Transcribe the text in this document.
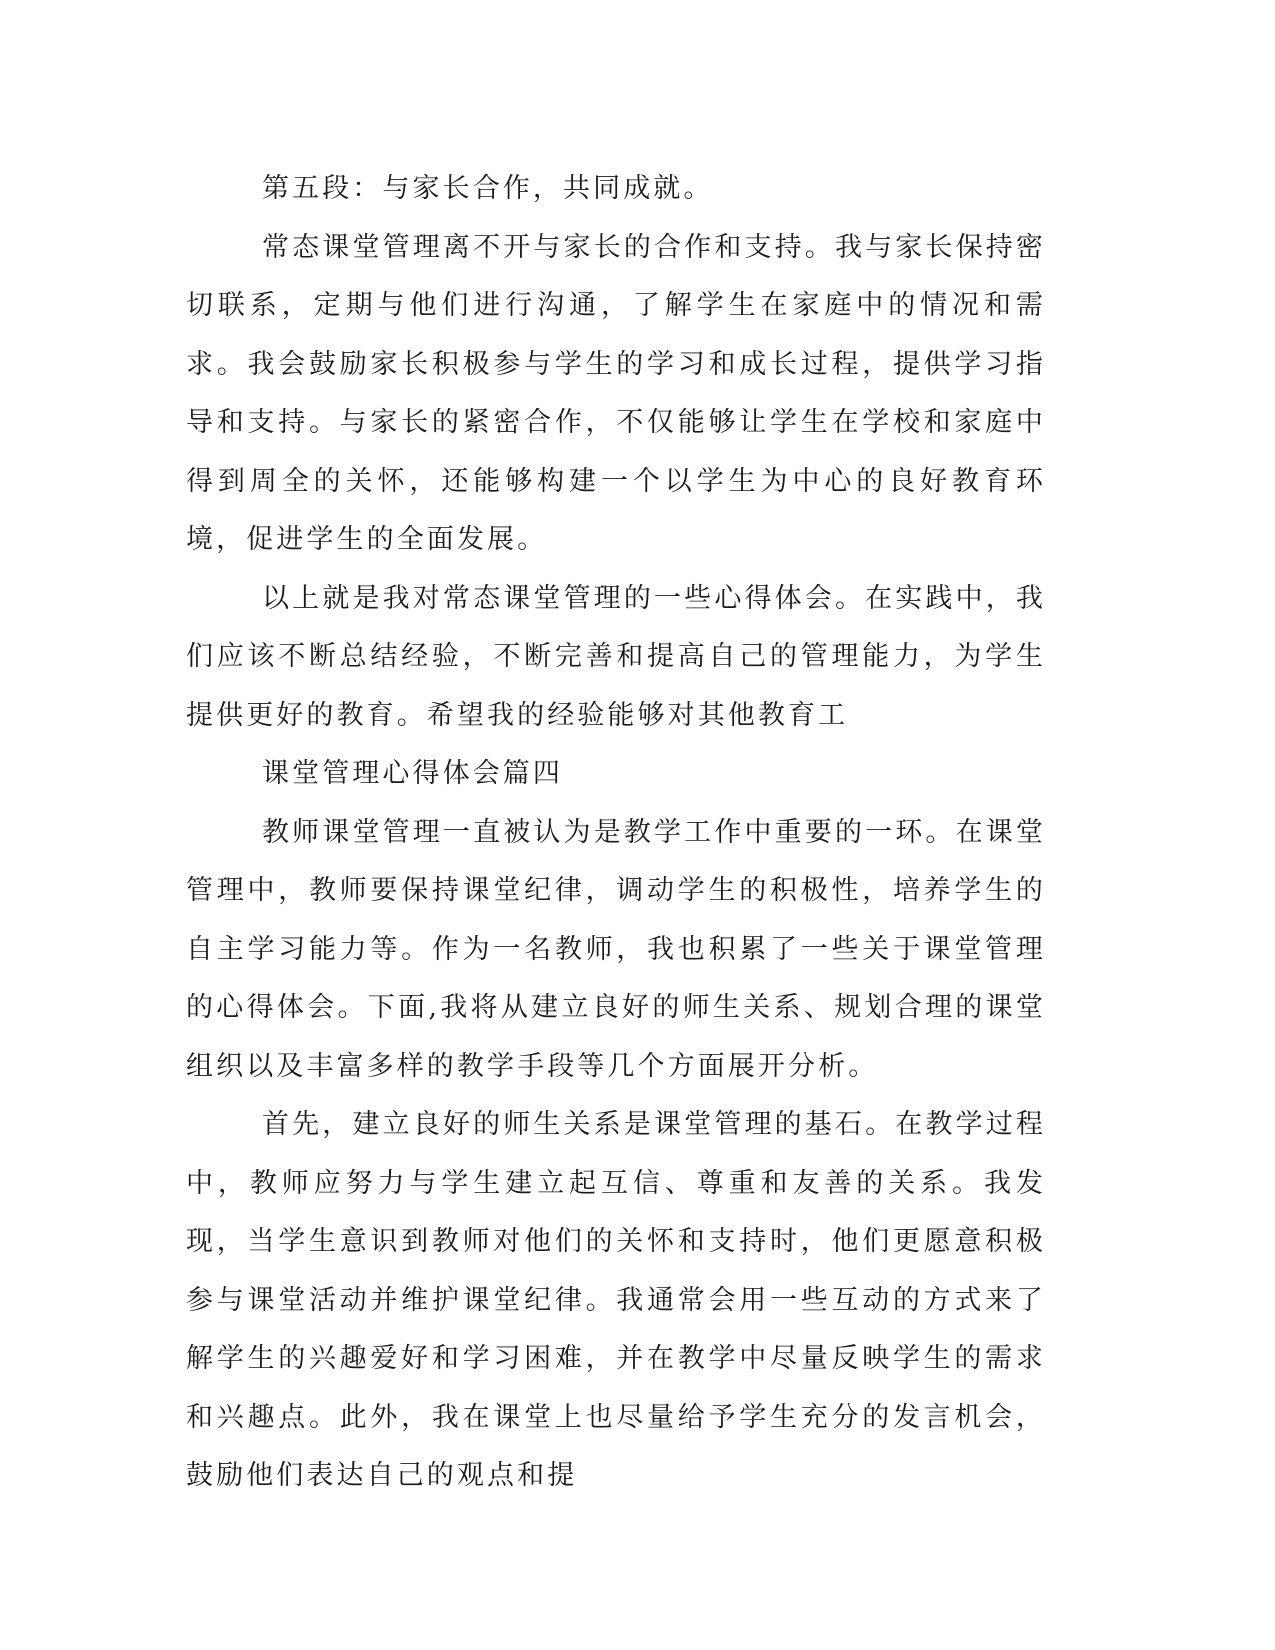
第五段：与家长合作，共同成就。

常态课堂管理离不开与家长的合作和支持。我与家长保持密切联系，定期与他们进行沟通，了解学生在家庭中的情况和需求。我会鼓励家长积极参与学生的学习和成长过程，提供学习指导和支持。与家长的紧密合作，不仅能够让学生在学校和家庭中得到周全的关怀，还能够构建一个以学生为中心的良好教育环境，促进学生的全面发展。

以上就是我对常态课堂管理的一些心得体会。在实践中，我们应该不断总结经验，不断完善和提高自己的管理能力，为学生提供更好的教育。希望我的经验能够对其他教育工

课堂管理心得体会篇四

教师课堂管理一直被认为是教学工作中重要的一环。在课堂管理中，教师要保持课堂纪律，调动学生的积极性，培养学生的自主学习能力等。作为一名教师，我也积累了一些关于课堂管理的心得体会。下面,我将从建立良好的师生关系、规划合理的课堂组织以及丰富多样的教学手段等几个方面展开分析。

首先，建立良好的师生关系是课堂管理的基石。在教学过程中，教师应努力与学生建立起互信、尊重和友善的关系。我发现，当学生意识到教师对他们的关怀和支持时，他们更愿意积极参与课堂活动并维护课堂纪律。我通常会用一些互动的方式来了解学生的兴趣爱好和学习困难，并在教学中尽量反映学生的需求和兴趣点。此外，我在课堂上也尽量给予学生充分的发言机会，鼓励他们表达自己的观点和提
